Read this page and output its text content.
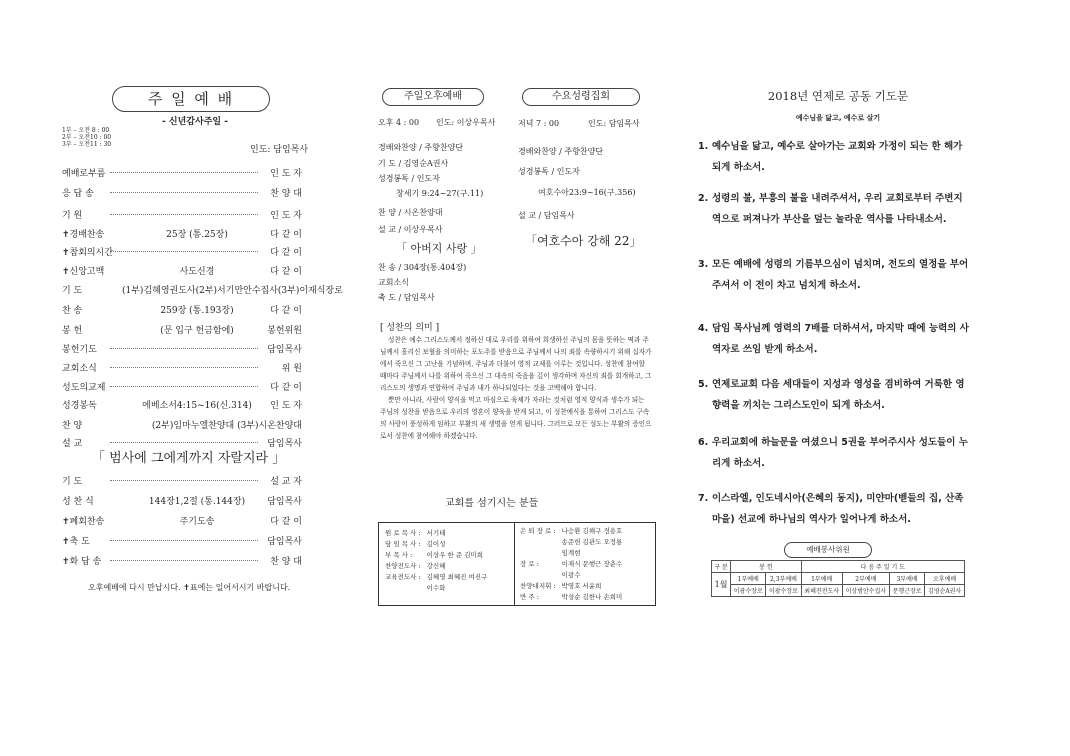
주 일 예 배
- 신년감사주일 -
1부 – 오전 8 : 00
2부 – 오전10 : 00
3부 – 오전11 : 30
인도: 담임목사
예배로부름	인 도 자
응 답 송	찬 양 대
기 원	인 도 자
✝경배찬송	25장 (통.25장)	다 같 이
✝참회의시간	다 같 이
✝신앙고백	사도신경	다 같 이
기 도	(1부)김혜영권도사(2부)서기만안수집사(3부)이재식장로
찬 송	259장 (통.193장)	다 같 이
봉 헌	(문 입구 헌금함에)	봉헌위원
봉헌기도	담임목사
교회소식	위 원
성도의교제	다 같 이
성경봉독	에베소서4:15~16(신.314) 인 도 자
찬 양	(2부)임마누엘찬양대 (3부)시온찬양대
설 교	담임목사
「 범사에 그에게까지 자랄지라 」
기 도	설 교 자
성 찬 식	144장1,2절 (통.144장)	담임목사
✝폐회찬송	주기도송	다 같 이
✝축 도	담임목사
✝화 답 송	찬 양 대
오후예배에 다시 만납시다. ✝표에는 일어서시기 바랍니다.
주일오후예배
오후 4 : 00 인도: 이상우목사
경배와찬양 / 주향찬양단
기 도 / 김영순A권사
성경봉독 / 인도자
창세기 9:24~27(구.11)
찬 양 / 시온찬양대
설 교 / 이상우목사
「 아버지 사랑 」
찬 송 / 304장(통.404장)
교회소식
축 도 / 담임목사
수요성령집회
저녁 7 : 00	인도: 담임목사
경배와찬양 / 주향찬양단
성경봉독 / 인도자
여호수아23:9~16(구.356)
설 교 / 담임목사
「여호수아 강해 22」
[ 성찬의 의미 ]

성찬은 예수 그리스도께서 정하신 대로 우리를 위하여 희생하신 주님의 몸을 뜻하는 떡과 주님께서 흘리신 보혈을 의미하는 포도주를 받음으로 주님께서 나의 죄를 속량하시기 위해 십자가에서 죽으신 그 고난을 기념하며, 주님과 더불어 영적 교제를 이루는 것입니다. 성찬에 참여할 때마다 주님께서 나를 위하여 죽으신 그 대속의 죽음을 깊이 생각하며 자신의 죄를 회개하고, 그리스도의 생명과 연합하여 주님과 내가 하나되었다는 것을 고백해야 합니다.

뿐만 아니라, 사람이 양식을 먹고 마심으로 육체가 자라는 것처럼 영적 양식과 생수가 되는 주님의 성찬을 받음으로 우리의 영혼이 양육을 받게 되고, 이 성찬예식을 통하여 그리스도 구속의 사랑이 풍성하게 임하고 부활의 새 생명을 얻게 됩니다. 그러므로 모든 성도는 부활의 증인으로서 성찬에 참여해야 하겠습니다.

교회를 섬기시는 분들
원 로 목 사 :	서기태
담 임 목 사 :	김이성
부 목 사 :	이상우 한 준 김미희
찬양전도사 :	강신혜
교육전도사 :	김혜영 최혜진 여진구
	이수화
은 퇴 장 로 :	나승환 김해구 정용호
	송준헌 김관도 오정룡
	임계현
장 로 :	이재식 문행근 장춘수
	이광수
찬양대지휘 :	박영호 서윤희
반 주 :	박성순 김한나 손희미
2018년 연제로 공동 기도문
예수님을 닮고, 예수로 살기
1. 예수님을 닮고, 예수로 살아가는 교회와 가정이 되는 한 해가 되게 하소서.
2. 성령의 불, 부흥의 불을 내려주셔서, 우리 교회로부터 주변지역으로 퍼져나가 부산을 덮는 놀라운 역사를 나타내소서.
3. 모든 예배에 성령의 기름부으심이 넘치며, 전도의 열정을 부어주셔서 이 전이 차고 넘치게 하소서.
4. 담임 목사님께 영력의 7배를 더하셔서, 마지막 때에 능력의 사역자로 쓰임 받게 하소서.
5. 연제로교회 다음 세대들이 지성과 영성을 겸비하여 거룩한 영향력을 끼치는 그리스도인이 되게 하소서.
6. 우리교회에 하늘문을 여셨으니 5권을 부어주시사 성도들이 누리게 하소서.
7. 이스라엘, 인도네시아(은혜의 동지), 미얀마(벧들의 집, 산족마을) 선교에 하나님의 역사가 일어나게 하소서.
예배봉사위원
구 분	봉 헌		다 음 주 일 기 도			
1월	1부예배	2,3부예배	1부예배	2부예배	3부예배	오후예배
	이광수장로	이광수장로	최혜진전도사	이상범안수집사	문행근장로	김영순A권사
